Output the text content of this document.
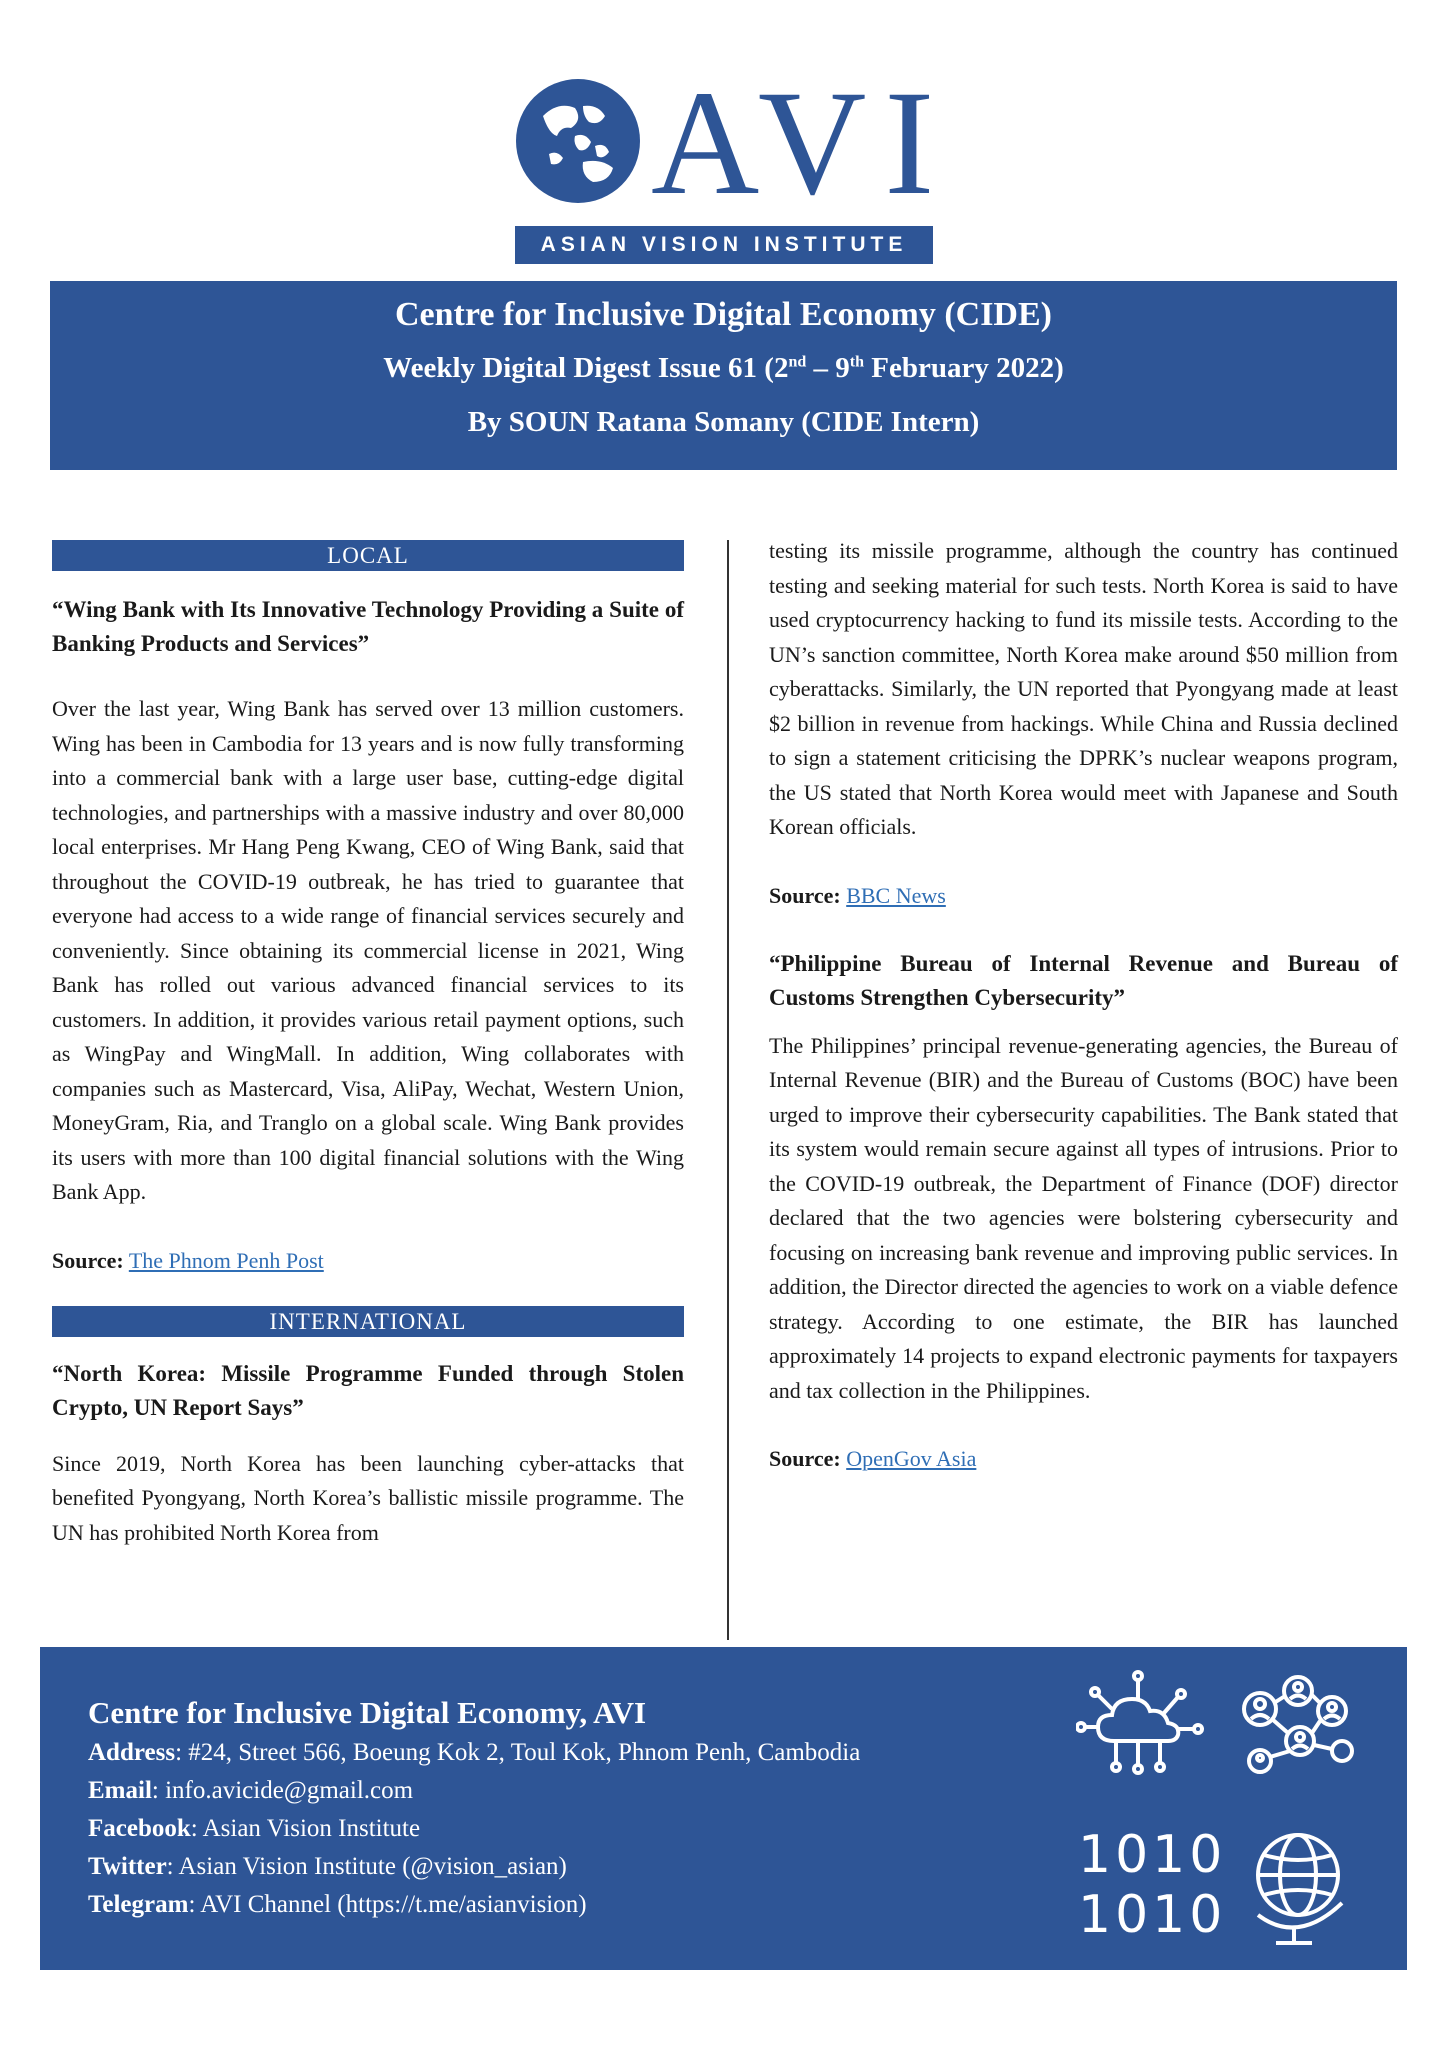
AVI
ASIAN VISION INSTITUTE
Centre for Inclusive Digital Economy (CIDE)
Weekly Digital Digest Issue 61 (2nd – 9th February 2022)
By SOUN Ratana Somany (CIDE Intern)
LOCAL
“Wing Bank with Its Innovative Technology Providing a Suite of Banking Products and Services”

Over the last year, Wing Bank has served over 13 million customers. Wing has been in Cambodia for 13 years and is now fully transforming into a commercial bank with a large user base, cutting-edge digital technologies, and partnerships with a massive industry and over 80,000 local enterprises. Mr Hang Peng Kwang, CEO of Wing Bank, said that throughout the COVID-19 outbreak, he has tried to guarantee that everyone had access to a wide range of financial services securely and conveniently. Since obtaining its commercial license in 2021, Wing Bank has rolled out various advanced financial services to its customers. In addition, it provides various retail payment options, such as WingPay and WingMall. In addition, Wing collaborates with companies such as Mastercard, Visa, AliPay, Wechat, Western Union, MoneyGram, Ria, and Tranglo on a global scale. Wing Bank provides its users with more than 100 digital financial solutions with the Wing Bank App.

Source: The Phnom Penh Post

INTERNATIONAL
“North Korea: Missile Programme Funded through Stolen Crypto, UN Report Says”

Since 2019, North Korea has been launching cyber-attacks that benefited Pyongyang, North Korea’s ballistic missile programme. The UN has prohibited North Korea from

testing its missile programme, although the country has continued testing and seeking material for such tests. North Korea is said to have used cryptocurrency hacking to fund its missile tests. According to the UN’s sanction committee, North Korea make around $50 million from cyberattacks. Similarly, the UN reported that Pyongyang made at least $2 billion in revenue from hackings. While China and Russia declined to sign a statement criticising the DPRK’s nuclear weapons program, the US stated that North Korea would meet with Japanese and South Korean officials.

Source: BBC News

“Philippine Bureau of Internal Revenue and Bureau of Customs Strengthen Cybersecurity”

The Philippines’ principal revenue-generating agencies, the Bureau of Internal Revenue (BIR) and the Bureau of Customs (BOC) have been urged to improve their cybersecurity capabilities. The Bank stated that its system would remain secure against all types of intrusions. Prior to the COVID-19 outbreak, the Department of Finance (DOF) director declared that the two agencies were bolstering cybersecurity and focusing on increasing bank revenue and improving public services. In addition, the Director directed the agencies to work on a viable defence strategy. According to one estimate, the BIR has launched approximately 14 projects to expand electronic payments for taxpayers and tax collection in the Philippines.

Source: OpenGov Asia

Centre for Inclusive Digital Economy, AVI
Address: #24, Street 566, Boeung Kok 2, Toul Kok, Phnom Penh, Cambodia
Email: info.avicide@gmail.com
Facebook: Asian Vision Institute
Twitter: Asian Vision Institute (@vision_asian)
Telegram: AVI Channel (https://t.me/asianvision)
1010
1010
